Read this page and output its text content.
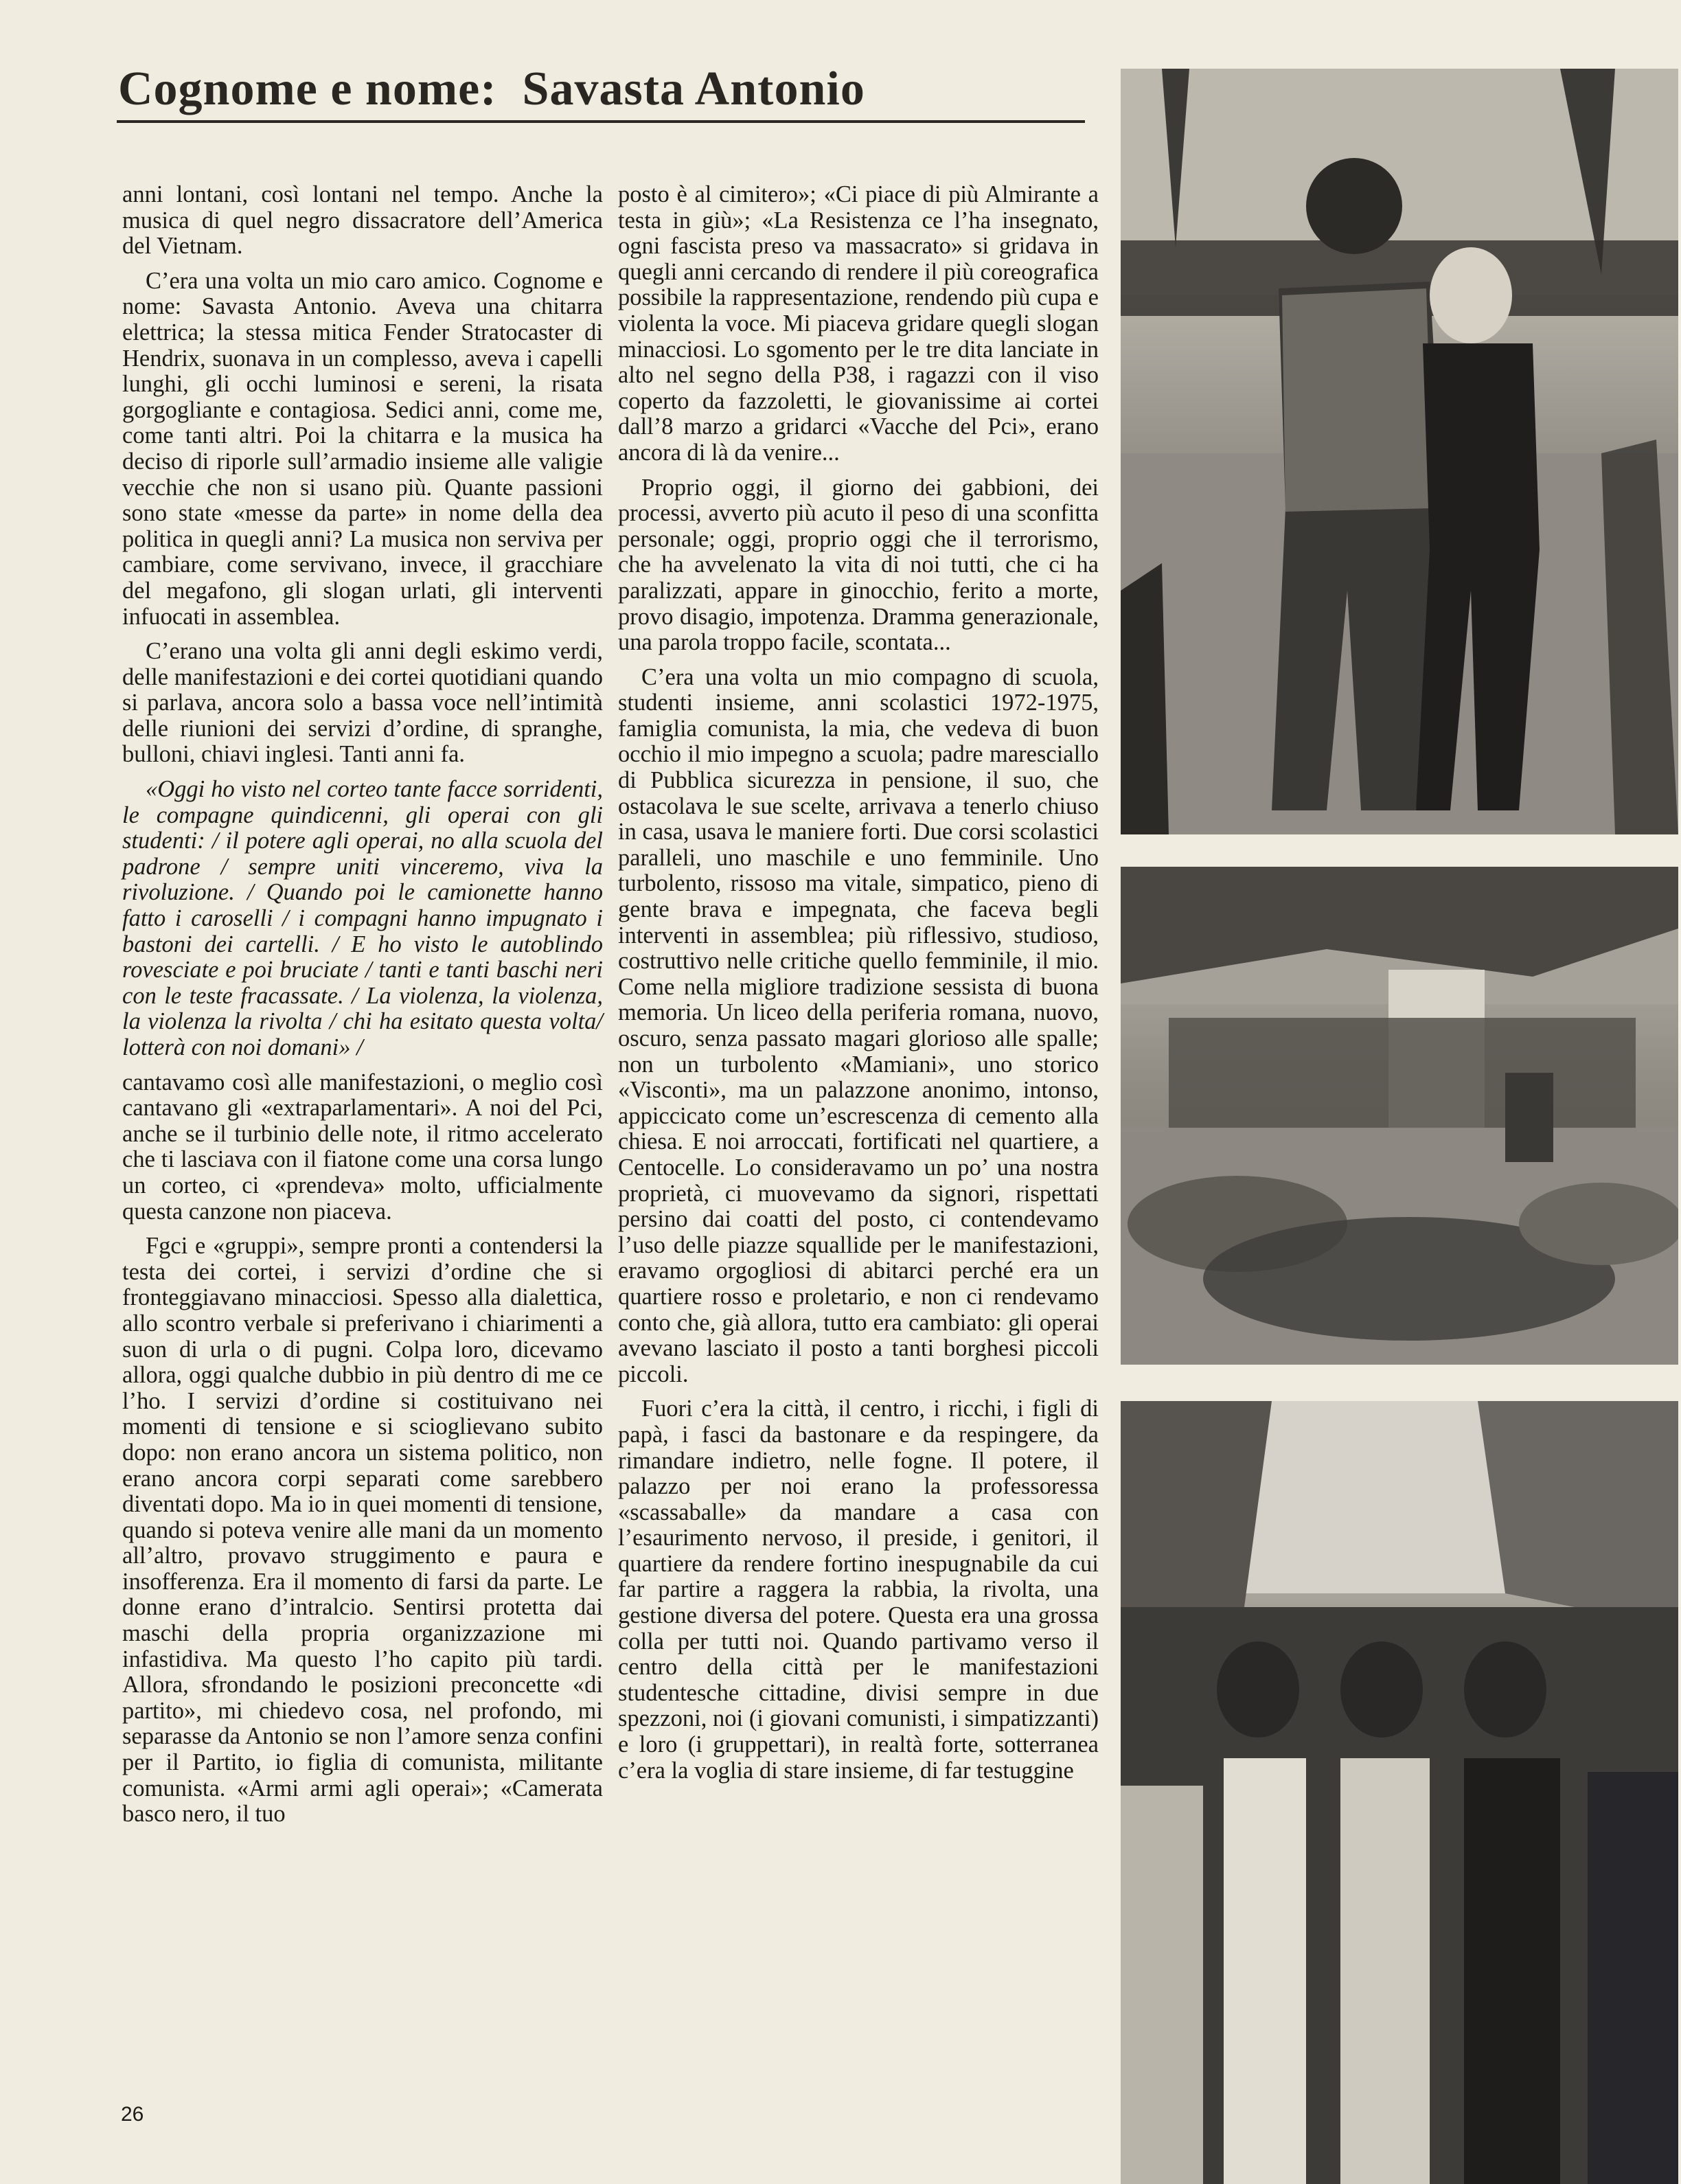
Cognome e nome:  Savasta Antonio

anni lontani, così lontani nel tempo. Anche la musica di quel negro dissacratore dell’America del Vietnam.

C’era una volta un mio caro amico. Cognome e nome: Savasta Antonio. Aveva una chitarra elettrica; la stessa mitica Fender Stratocaster di Hendrix, suonava in un complesso, aveva i capelli lunghi, gli occhi luminosi e sereni, la risata gorgogliante e contagiosa. Sedici anni, come me, come tanti altri. Poi la chitarra e la musica ha deciso di riporle sull’armadio insieme alle valigie vecchie che non si usano più. Quante passioni sono state «messe da parte» in nome della dea politica in quegli anni? La musica non serviva per cambiare, come servivano, invece, il gracchiare del megafono, gli slogan urlati, gli interventi infuocati in assemblea.

C’erano una volta gli anni degli eskimo verdi, delle manifestazioni e dei cortei quotidiani quando si parlava, ancora solo a bassa voce nell’intimità delle riunioni dei servizi d’ordine, di spranghe, bulloni, chiavi inglesi. Tanti anni fa.

«Oggi ho visto nel corteo tante facce sorridenti, le compagne quindicenni, gli operai con gli studenti: / il potere agli operai, no alla scuola del padrone / sempre uniti vinceremo, viva la rivoluzione. / Quando poi le camionette hanno fatto i caroselli / i compagni hanno impugnato i bastoni dei cartelli. / E ho visto le autoblindo rovesciate e poi bruciate / tanti e tanti baschi neri con le teste fracassate. / La violenza, la violenza, la violenza la rivolta / chi ha esitato questa volta/ lotterà con noi domani» /

cantavamo così alle manifestazioni, o meglio così cantavano gli «extraparlamentari». A noi del Pci, anche se il turbinio delle note, il ritmo accelerato che ti lasciava con il fiatone come una corsa lungo un corteo, ci «prendeva» molto, ufficialmente questa canzone non piaceva.

Fgci e «gruppi», sempre pronti a contendersi la testa dei cortei, i servizi d’ordine che si fronteggiavano minacciosi. Spesso alla dialettica, allo scontro verbale si preferivano i chiarimenti a suon di urla o di pugni. Colpa loro, dicevamo allora, oggi qualche dubbio in più dentro di me ce l’ho. I servizi d’ordine si costituivano nei momenti di tensione e si scioglievano subito dopo: non erano ancora un sistema politico, non erano ancora corpi separati come sarebbero diventati dopo. Ma io in quei momenti di tensione, quando si poteva venire alle mani da un momento all’altro, provavo struggimento e paura e insofferenza. Era il momento di farsi da parte. Le donne erano d’intralcio. Sentirsi protetta dai maschi della propria organizzazione mi infastidiva. Ma questo l’ho capito più tardi. Allora, sfrondando le posizioni preconcette «di partito», mi chiedevo cosa, nel profondo, mi separasse da Antonio se non l’amore senza confini per il Partito, io figlia di comunista, militante comunista. «Armi armi agli operai»; «Camerata basco nero, il tuo

posto è al cimitero»; «Ci piace di più Almirante a testa in giù»; «La Resistenza ce l’ha insegnato, ogni fascista preso va massacrato» si gridava in quegli anni cercando di rendere il più coreografica possibile la rappresentazione, rendendo più cupa e violenta la voce. Mi piaceva gridare quegli slogan minacciosi. Lo sgomento per le tre dita lanciate in alto nel segno della P38, i ragazzi con il viso coperto da fazzoletti, le giovanissime ai cortei dall’8 marzo a gridarci «Vacche del Pci», erano ancora di là da venire...

Proprio oggi, il giorno dei gabbioni, dei processi, avverto più acuto il peso di una sconfitta personale; oggi, proprio oggi che il terrorismo, che ha avvelenato la vita di noi tutti, che ci ha paralizzati, appare in ginocchio, ferito a morte, provo disagio, impotenza. Dramma generazionale, una parola troppo facile, scontata...

C’era una volta un mio compagno di scuola, studenti insieme, anni scolastici 1972-1975, famiglia comunista, la mia, che vedeva di buon occhio il mio impegno a scuola; padre maresciallo di Pubblica sicurezza in pensione, il suo, che ostacolava le sue scelte, arrivava a tenerlo chiuso in casa, usava le maniere forti. Due corsi scolastici paralleli, uno maschile e uno femminile. Uno turbolento, rissoso ma vitale, simpatico, pieno di gente brava e impegnata, che faceva begli interventi in assemblea; più riflessivo, studioso, costruttivo nelle critiche quello femminile, il mio. Come nella migliore tradizione sessista di buona memoria. Un liceo della periferia romana, nuovo, oscuro, senza passato magari glorioso alle spalle; non un turbolento «Mamiani», uno storico «Visconti», ma un palazzone anonimo, intonso, appiccicato come un’escrescenza di cemento alla chiesa. E noi arroccati, fortificati nel quartiere, a Centocelle. Lo consideravamo un po’ una nostra proprietà, ci muovevamo da signori, rispettati persino dai coatti del posto, ci contendevamo l’uso delle piazze squallide per le manifestazioni, eravamo orgogliosi di abitarci perché era un quartiere rosso e proletario, e non ci rendevamo conto che, già allora, tutto era cambiato: gli operai avevano lasciato il posto a tanti borghesi piccoli piccoli.

Fuori c’era la città, il centro, i ricchi, i figli di papà, i fasci da bastonare e da respingere, da rimandare indietro, nelle fogne. Il potere, il palazzo per noi erano la professoressa «scassaballe» da mandare a casa con l’esaurimento nervoso, il preside, i genitori, il quartiere da rendere fortino inespugnabile da cui far partire a raggera la rabbia, la rivolta, una gestione diversa del potere. Questa era una grossa colla per tutti noi. Quando partivamo verso il centro della città per le manifestazioni studentesche cittadine, divisi sempre in due spezzoni, noi (i giovani comunisti, i simpatizzanti) e loro (i gruppettari), in realtà forte, sotterranea c’era la voglia di stare insieme, di far testuggine

26
